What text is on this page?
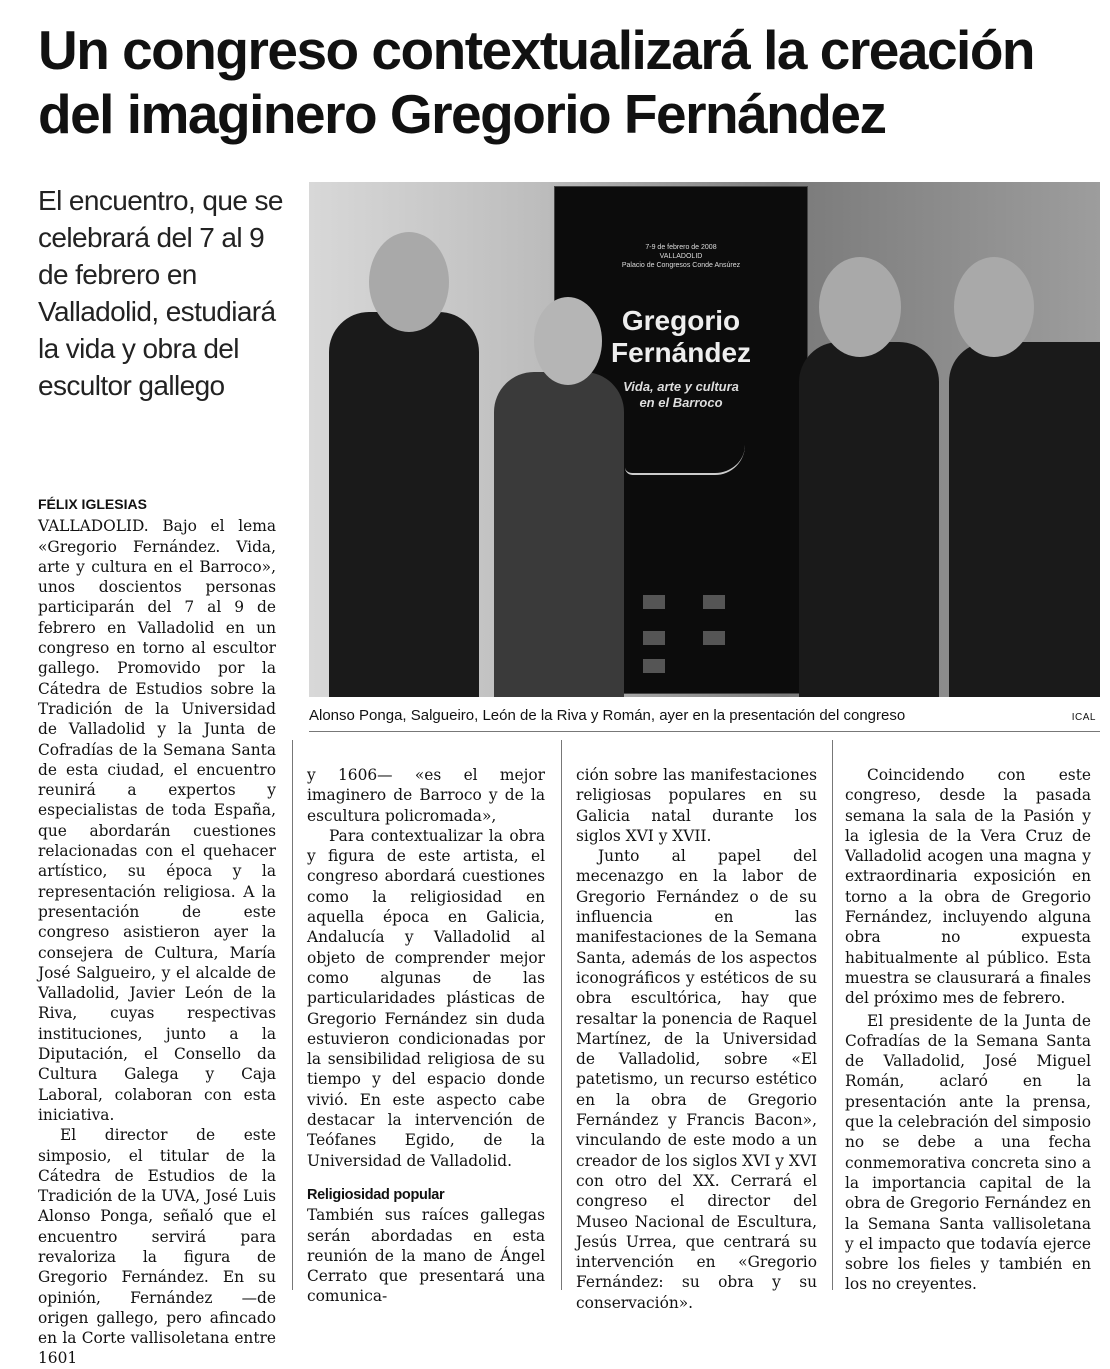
Un congreso contextualizará la creación
del imaginero Gregorio Fernández
El encuentro, que se celebrará del 7 al 9 de febrero en Valladolid, estudiará la vida y obra del escultor gallego
7-9 de febrero de 2008
VALLADOLID
Palacio de Congresos Conde Ansúrez
Gregorio
Fernández
Vida, arte y cultura
en el Barroco
Alonso Ponga, Salgueiro, León de la Riva y Román, ayer en la presentación del congreso	ICAL
FÉLIX IGLESIAS

VALLADOLID. Bajo el lema «Gregorio Fernández. Vida, arte y cultura en el Barroco», unos doscientos personas participarán del 7 al 9 de febrero en Valladolid en un congreso en torno al escultor gallego. Promovido por la Cátedra de Estudios sobre la Tradición de la Universidad de Valladolid y la Junta de Cofradías de la Semana Santa de esta ciudad, el encuentro reunirá a expertos y especialistas de toda España, que abordarán cuestiones relacionadas con el quehacer artístico, su época y la representación religiosa. A la presentación de este congreso asistieron ayer la consejera de Cultura, María José Salgueiro, y el alcalde de Valladolid, Javier León de la Riva, cuyas respectivas instituciones, junto a la Diputación, el Consello da Cultura Galega y Caja Laboral, colaboran con esta iniciativa.

El director de este simposio, el titular de la Cátedra de Estudios de la Tradición de la UVA, José Luis Alonso Ponga, señaló que el encuentro servirá para revaloriza la figura de Gregorio Fernández. En su opinión, Fernández —de origen gallego, pero afincado en la Corte vallisoletana entre 1601

y 1606— «es el mejor imaginero de Barroco y de la escultura policromada»,

Para contextualizar la obra y figura de este artista, el congreso abordará cuestiones como la religiosidad en aquella época en Galicia, Andalucía y Valladolid al objeto de comprender mejor como algunas de las particularidades plásticas de Gregorio Fernández sin duda estuvieron condicionadas por la sensibilidad religiosa de su tiempo y del espacio donde vivió. En este aspecto cabe destacar la intervención de Teófanes Egido, de la Universidad de Valladolid.

Religiosidad popular

También sus raíces gallegas serán abordadas en esta reunión de la mano de Ángel Cerrato que presentará una comunica-

ción sobre las manifestaciones religiosas populares en su Galicia natal durante los siglos XVI y XVII.

Junto al papel del mecenazgo en la labor de Gregorio Fernández o de su influencia en las manifestaciones de la Semana Santa, además de los aspectos iconográficos y estéticos de su obra escultórica, hay que resaltar la ponencia de Raquel Martínez, de la Universidad de Valladolid, sobre «El patetismo, un recurso estético en la obra de Gregorio Fernández y Francis Bacon», vinculando de este modo a un creador de los siglos XVI y XVI con otro del XX. Cerrará el congreso el director del Museo Nacional de Escultura, Jesús Urrea, que centrará su intervención en «Gregorio Fernández: su obra y su conservación».

Coincidendo con este congreso, desde la pasada semana la sala de la Pasión y la iglesia de la Vera Cruz de Valladolid acogen una magna y extraordinaria exposición en torno a la obra de Gregorio Fernández, incluyendo alguna obra no expuesta habitualmente al público. Esta muestra se clausurará a finales del próximo mes de febrero.

El presidente de la Junta de Cofradías de la Semana Santa de Valladolid, José Miguel Román, aclaró en la presentación ante la prensa, que la celebración del simposio no se debe a una fecha conmemorativa concreta sino a la importancia capital de la obra de Gregorio Fernández en la Semana Santa vallisoletana y el impacto que todavía ejerce sobre los fieles y también en los no creyentes.
